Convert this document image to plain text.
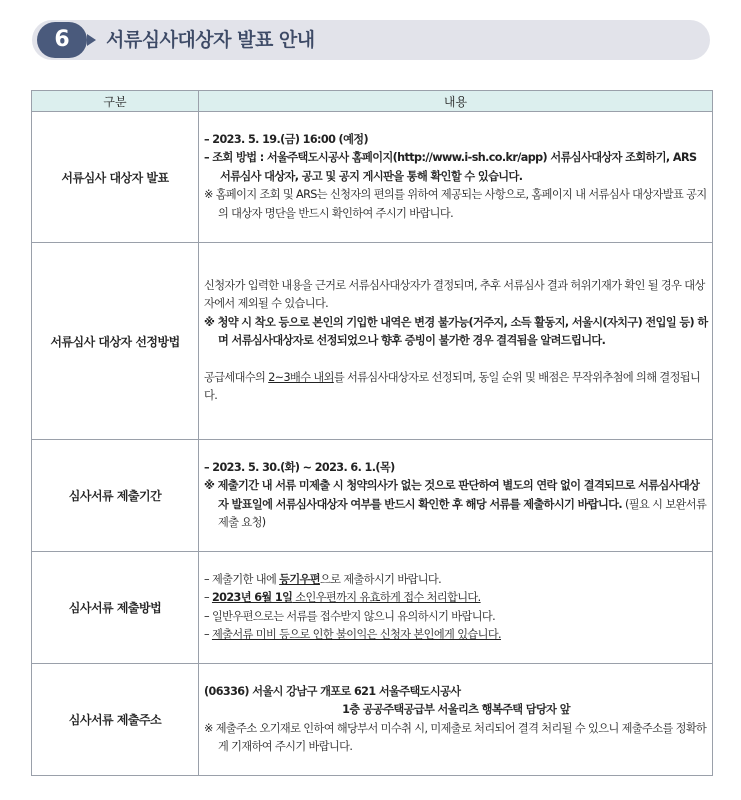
6	서류심사대상자 발표 안내
구분	내용
서류심사 대상자 발표	– 2023. 5. 19.(금) 16:00 (예정)
– 조회 방법 : 서울주택도시공사 홈페이지(http://www.i-sh.co.kr/app) 서류심사대상자 조회하기, ARS 서류심사 대상자, 공고 및 공지 게시판을 통해 확인할 수 있습니다.
※ 홈페이지 조회 및 ARS는 신청자의 편의를 위하여 제공되는 사항으로, 홈페이지 내 서류심사 대상자발표 공지의 대상자 명단을 반드시 확인하여 주시기 바랍니다.

서류심사 대상자 선정방법	신청자가 입력한 내용을 근거로 서류심사대상자가 결정되며, 추후 서류심사 결과 허위기재가 확인 될 경우 대상자에서 제외될 수 있습니다.
※ 청약 시 착오 등으로 본인의 기입한 내역은 변경 불가능(거주지, 소득 활동지, 서울시(자치구) 전입일 등) 하며 서류심사대상자로 선정되었으나 향후 증빙이 불가한 경우 결격됨을 알려드립니다.
공급세대수의 2~3배수 내외를 서류심사대상자로 선정되며, 동일 순위 및 배점은 무작위추첨에 의해 결정됩니다.

심사서류 제출기간	– 2023. 5. 30.(화) ~ 2023. 6. 1.(목)
※ 제출기간 내 서류 미제출 시 청약의사가 없는 것으로 판단하여 별도의 연락 없이 결격되므로 서류심사대상자 발표일에 서류심사대상자 여부를 반드시 확인한 후 해당 서류를 제출하시기 바랍니다. (필요 시 보완서류 제출 요청)

심사서류 제출방법	– 제출기한 내에 등기우편으로 제출하시기 바랍니다.
– 2023년 6월 1일 소인우편까지 유효하게 접수 처리합니다.
– 일반우편으로는 서류를 접수받지 않으니 유의하시기 바랍니다.
– 제출서류 미비 등으로 인한 불이익은 신청자 본인에게 있습니다.

심사서류 제출주소	(06336) 서울시 강남구 개포로 621 서울주택도시공사
1층 공공주택공급부 서울리츠 행복주택 담당자 앞
※ 제출주소 오기재로 인하여 해당부서 미수취 시, 미제출로 처리되어 결격 처리될 수 있으니 제출주소를 정확하게 기재하여 주시기 바랍니다.
